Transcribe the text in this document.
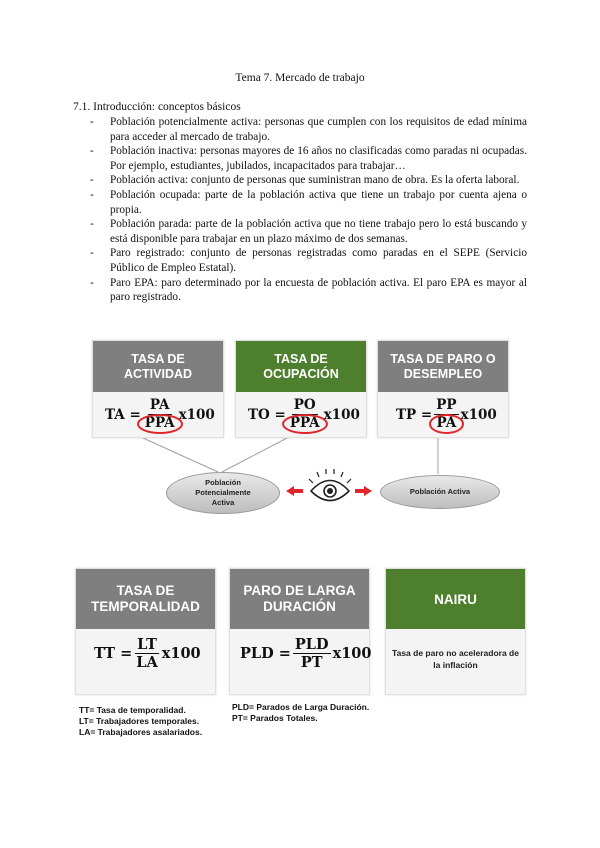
Tema 7. Mercado de trabajo
7.1. Introducción: conceptos básicos
- Población potencialmente activa: personas que cumplen con los requisitos de edad mínima para acceder al mercado de trabajo.
- Población inactiva: personas mayores de 16 años no clasificadas como paradas ni ocupadas. Por ejemplo, estudiantes, jubilados, incapacitados para trabajar…
- Población activa: conjunto de personas que suministran mano de obra. Es la oferta laboral.
- Población ocupada: parte de la población activa que tiene un trabajo por cuenta ajena o propia.
- Población parada: parte de la población activa que no tiene trabajo pero lo está buscando y está disponible para trabajar en un plazo máximo de dos semanas.
- Paro registrado: conjunto de personas registradas como paradas en el SEPE (Servicio Público de Empleo Estatal).
- Paro EPA: paro determinado por la encuesta de población activa. El paro EPA es mayor al paro registrado.
TASA DE
ACTIVIDAD
TA = $\frac{PA}{\text{PPA}} x100$
TASA DE
OCUPACIÓN
TO = $\frac{PO}{\text{PPA}} x100$
TASA DE PARO O
DESEMPLEO
TP = $\frac{PP}{PA} x100$
Población
Potencialmente
Activa
Población Activa
TASA DE
TEMPORALIDAD
TT = $\frac{LT}{LA} x100$
PARO DE LARGA
DURACIÓN
PLD = $\frac{\text{PLD}}{PT} x100$
NAIRU
Tasa de paro no aceleradora de
la inflación
TT= Tasa de temporalidad.
LT= Trabajadores temporales.
LA= Trabajadores asalariados.
PLD= Parados de Larga Duración.
PT= Parados Totales.
